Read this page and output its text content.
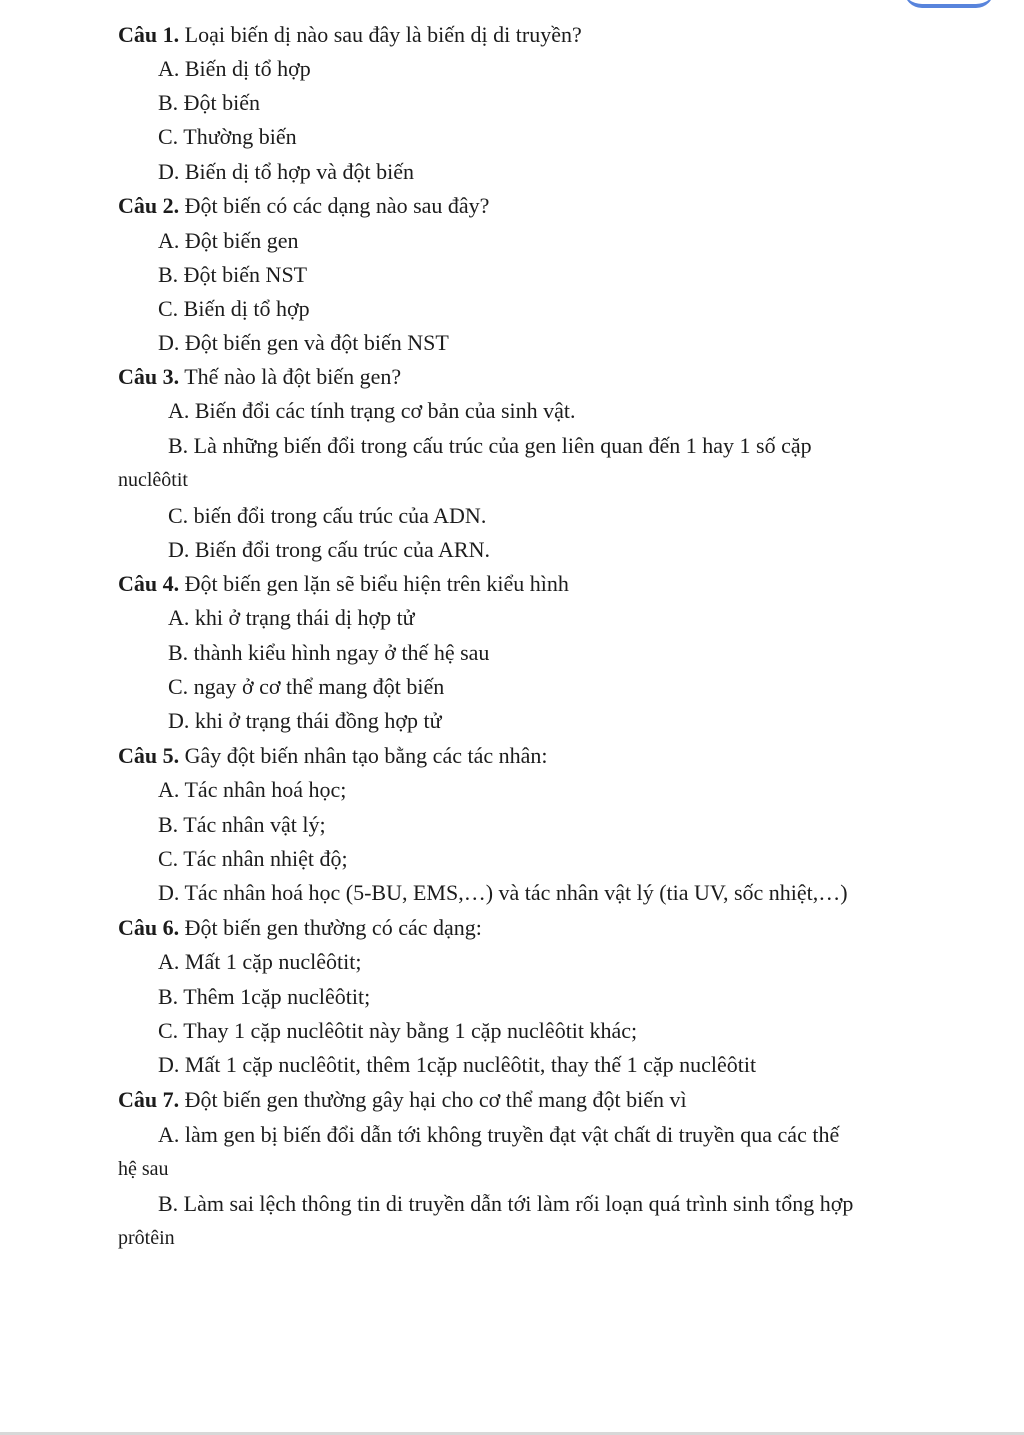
Câu 1. Loại biến dị nào sau đây là biến dị di truyền?
A. Biến dị tổ hợp
B. Đột biến
C. Thường biến
D. Biến dị tổ hợp và đột biến
Câu 2. Đột biến có các dạng nào sau đây?
A. Đột biến gen
B. Đột biến NST
C. Biến dị tổ hợp
D. Đột biến gen và đột biến NST
Câu 3. Thế nào là đột biến gen?
A. Biến đổi các tính trạng cơ bản của sinh vật.
B. Là những biến đổi trong cấu trúc của gen liên quan đến 1 hay 1 số cặp
nuclêôtit
C. biến đổi trong cấu trúc của ADN.
D. Biến đổi trong cấu trúc của ARN.
Câu 4. Đột biến gen lặn sẽ biểu hiện trên kiểu hình
A. khi ở trạng thái dị hợp tử
B. thành kiểu hình ngay ở thế hệ sau
C. ngay ở cơ thể mang đột biến
D. khi ở trạng thái đồng hợp tử
Câu 5. Gây đột biến nhân tạo bằng các tác nhân:
A. Tác nhân hoá học;
B. Tác nhân vật lý;
C. Tác nhân nhiệt độ;
D. Tác nhân hoá học (5-BU, EMS,…) và tác nhân vật lý (tia UV, sốc nhiệt,…)
Câu 6. Đột biến gen thường có các dạng:
A. Mất 1 cặp nuclêôtit;
B. Thêm 1cặp nuclêôtit;
C. Thay 1 cặp nuclêôtit này bằng 1 cặp nuclêôtit khác;
D. Mất 1 cặp nuclêôtit, thêm 1cặp nuclêôtit, thay thế 1 cặp nuclêôtit
Câu 7. Đột biến gen thường gây hại cho cơ thể mang đột biến vì
A. làm gen bị biến đổi dẫn tới không truyền đạt vật chất di truyền qua các thế
hệ sau
B. Làm sai lệch thông tin di truyền dẫn tới làm rối loạn quá trình sinh tổng hợp
prôtêin
